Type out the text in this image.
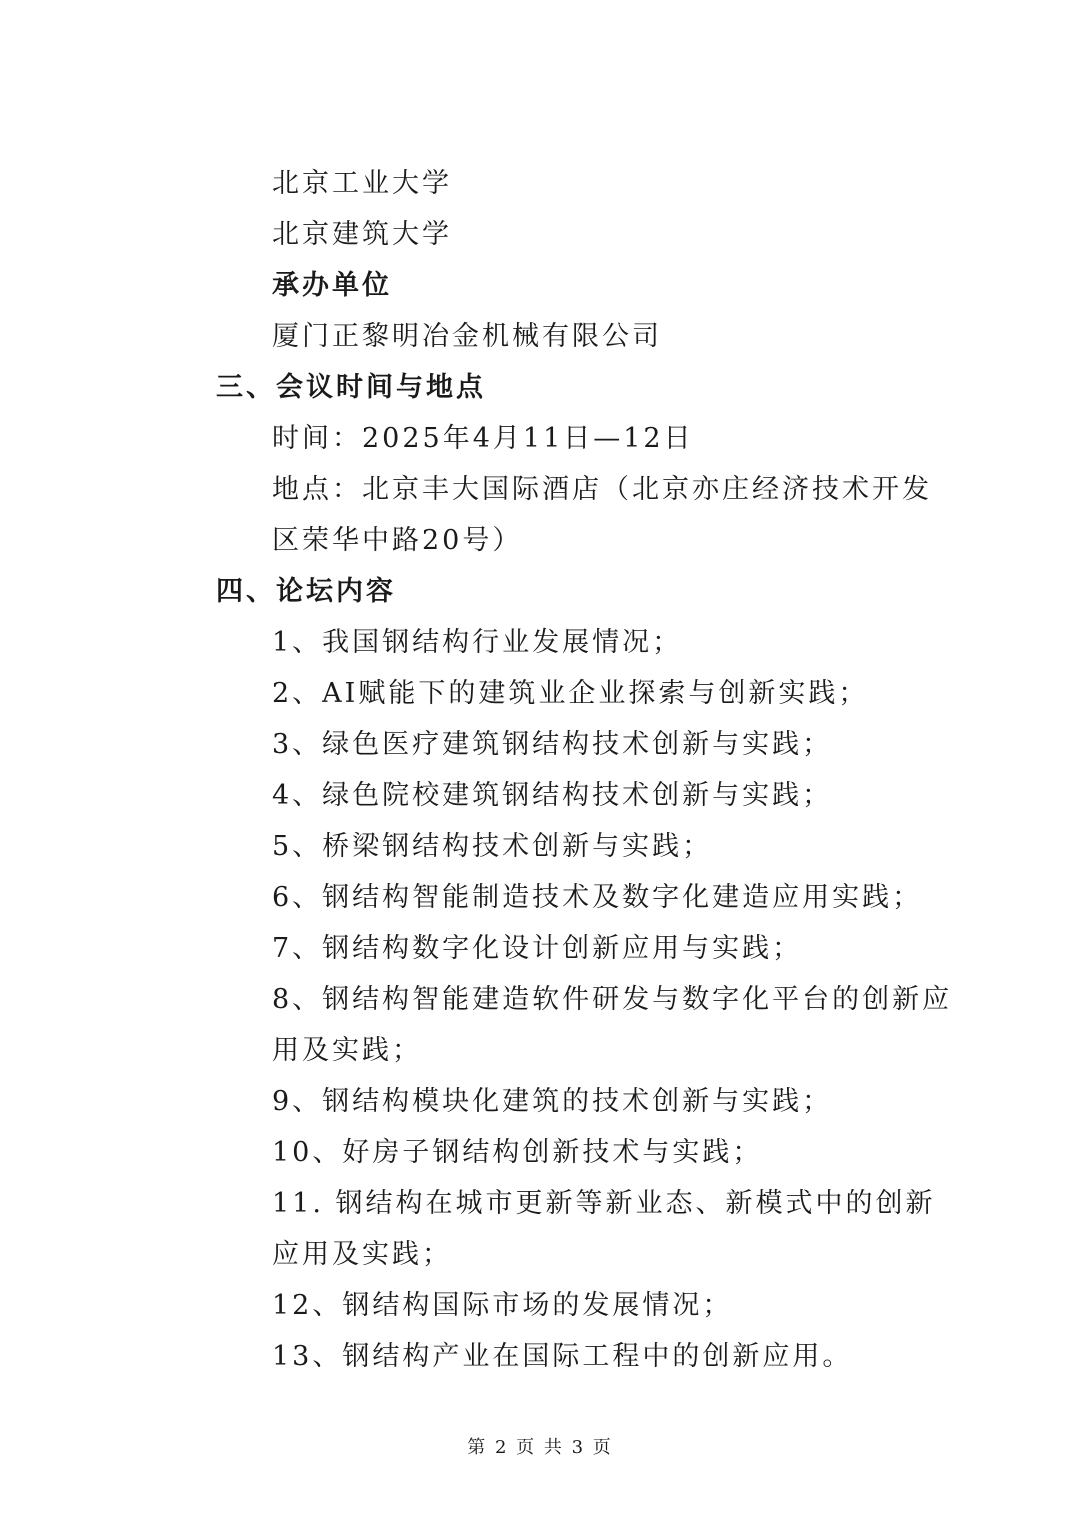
北京工业大学
北京建筑大学
承办单位
厦门正黎明冶金机械有限公司
三、会议时间与地点
时间：2025年4月11日—12日
地点：北京丰大国际酒店（北京亦庄经济技术开发
区荣华中路20号）
四、论坛内容
1、我国钢结构行业发展情况；
2、AI赋能下的建筑业企业探索与创新实践；
3、绿色医疗建筑钢结构技术创新与实践；
4、绿色院校建筑钢结构技术创新与实践；
5、桥梁钢结构技术创新与实践；
6、钢结构智能制造技术及数字化建造应用实践；
7、钢结构数字化设计创新应用与实践；
8、钢结构智能建造软件研发与数字化平台的创新应
用及实践；
9、钢结构模块化建筑的技术创新与实践；
10、好房子钢结构创新技术与实践；
11. 钢结构在城市更新等新业态、新模式中的创新
应用及实践；
12、钢结构国际市场的发展情况；
13、钢结构产业在国际工程中的创新应用。
第 2 页 共 3 页
